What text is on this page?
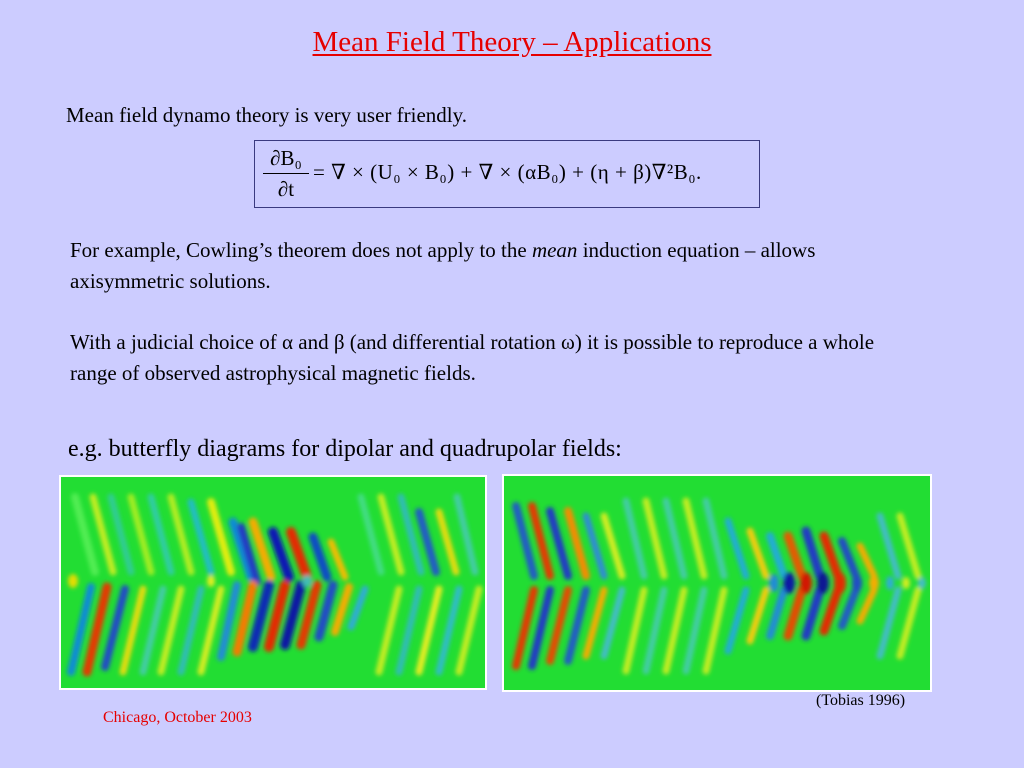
Mean Field Theory – Applications
Mean field dynamo theory is very user friendly.
∂B₀
∂t
= ∇ × (U₀ × B₀) + ∇ × (αB₀) + (η + β)∇²B₀.
For example, Cowling’s theorem does not apply to the mean induction equation – allows axisymmetric solutions.
With a judicial choice of α and β (and differential rotation ω) it is possible to reproduce a whole range of observed astrophysical magnetic fields.
e.g. butterfly diagrams for dipolar and quadrupolar fields:
(Tobias 1996)
Chicago, October 2003
